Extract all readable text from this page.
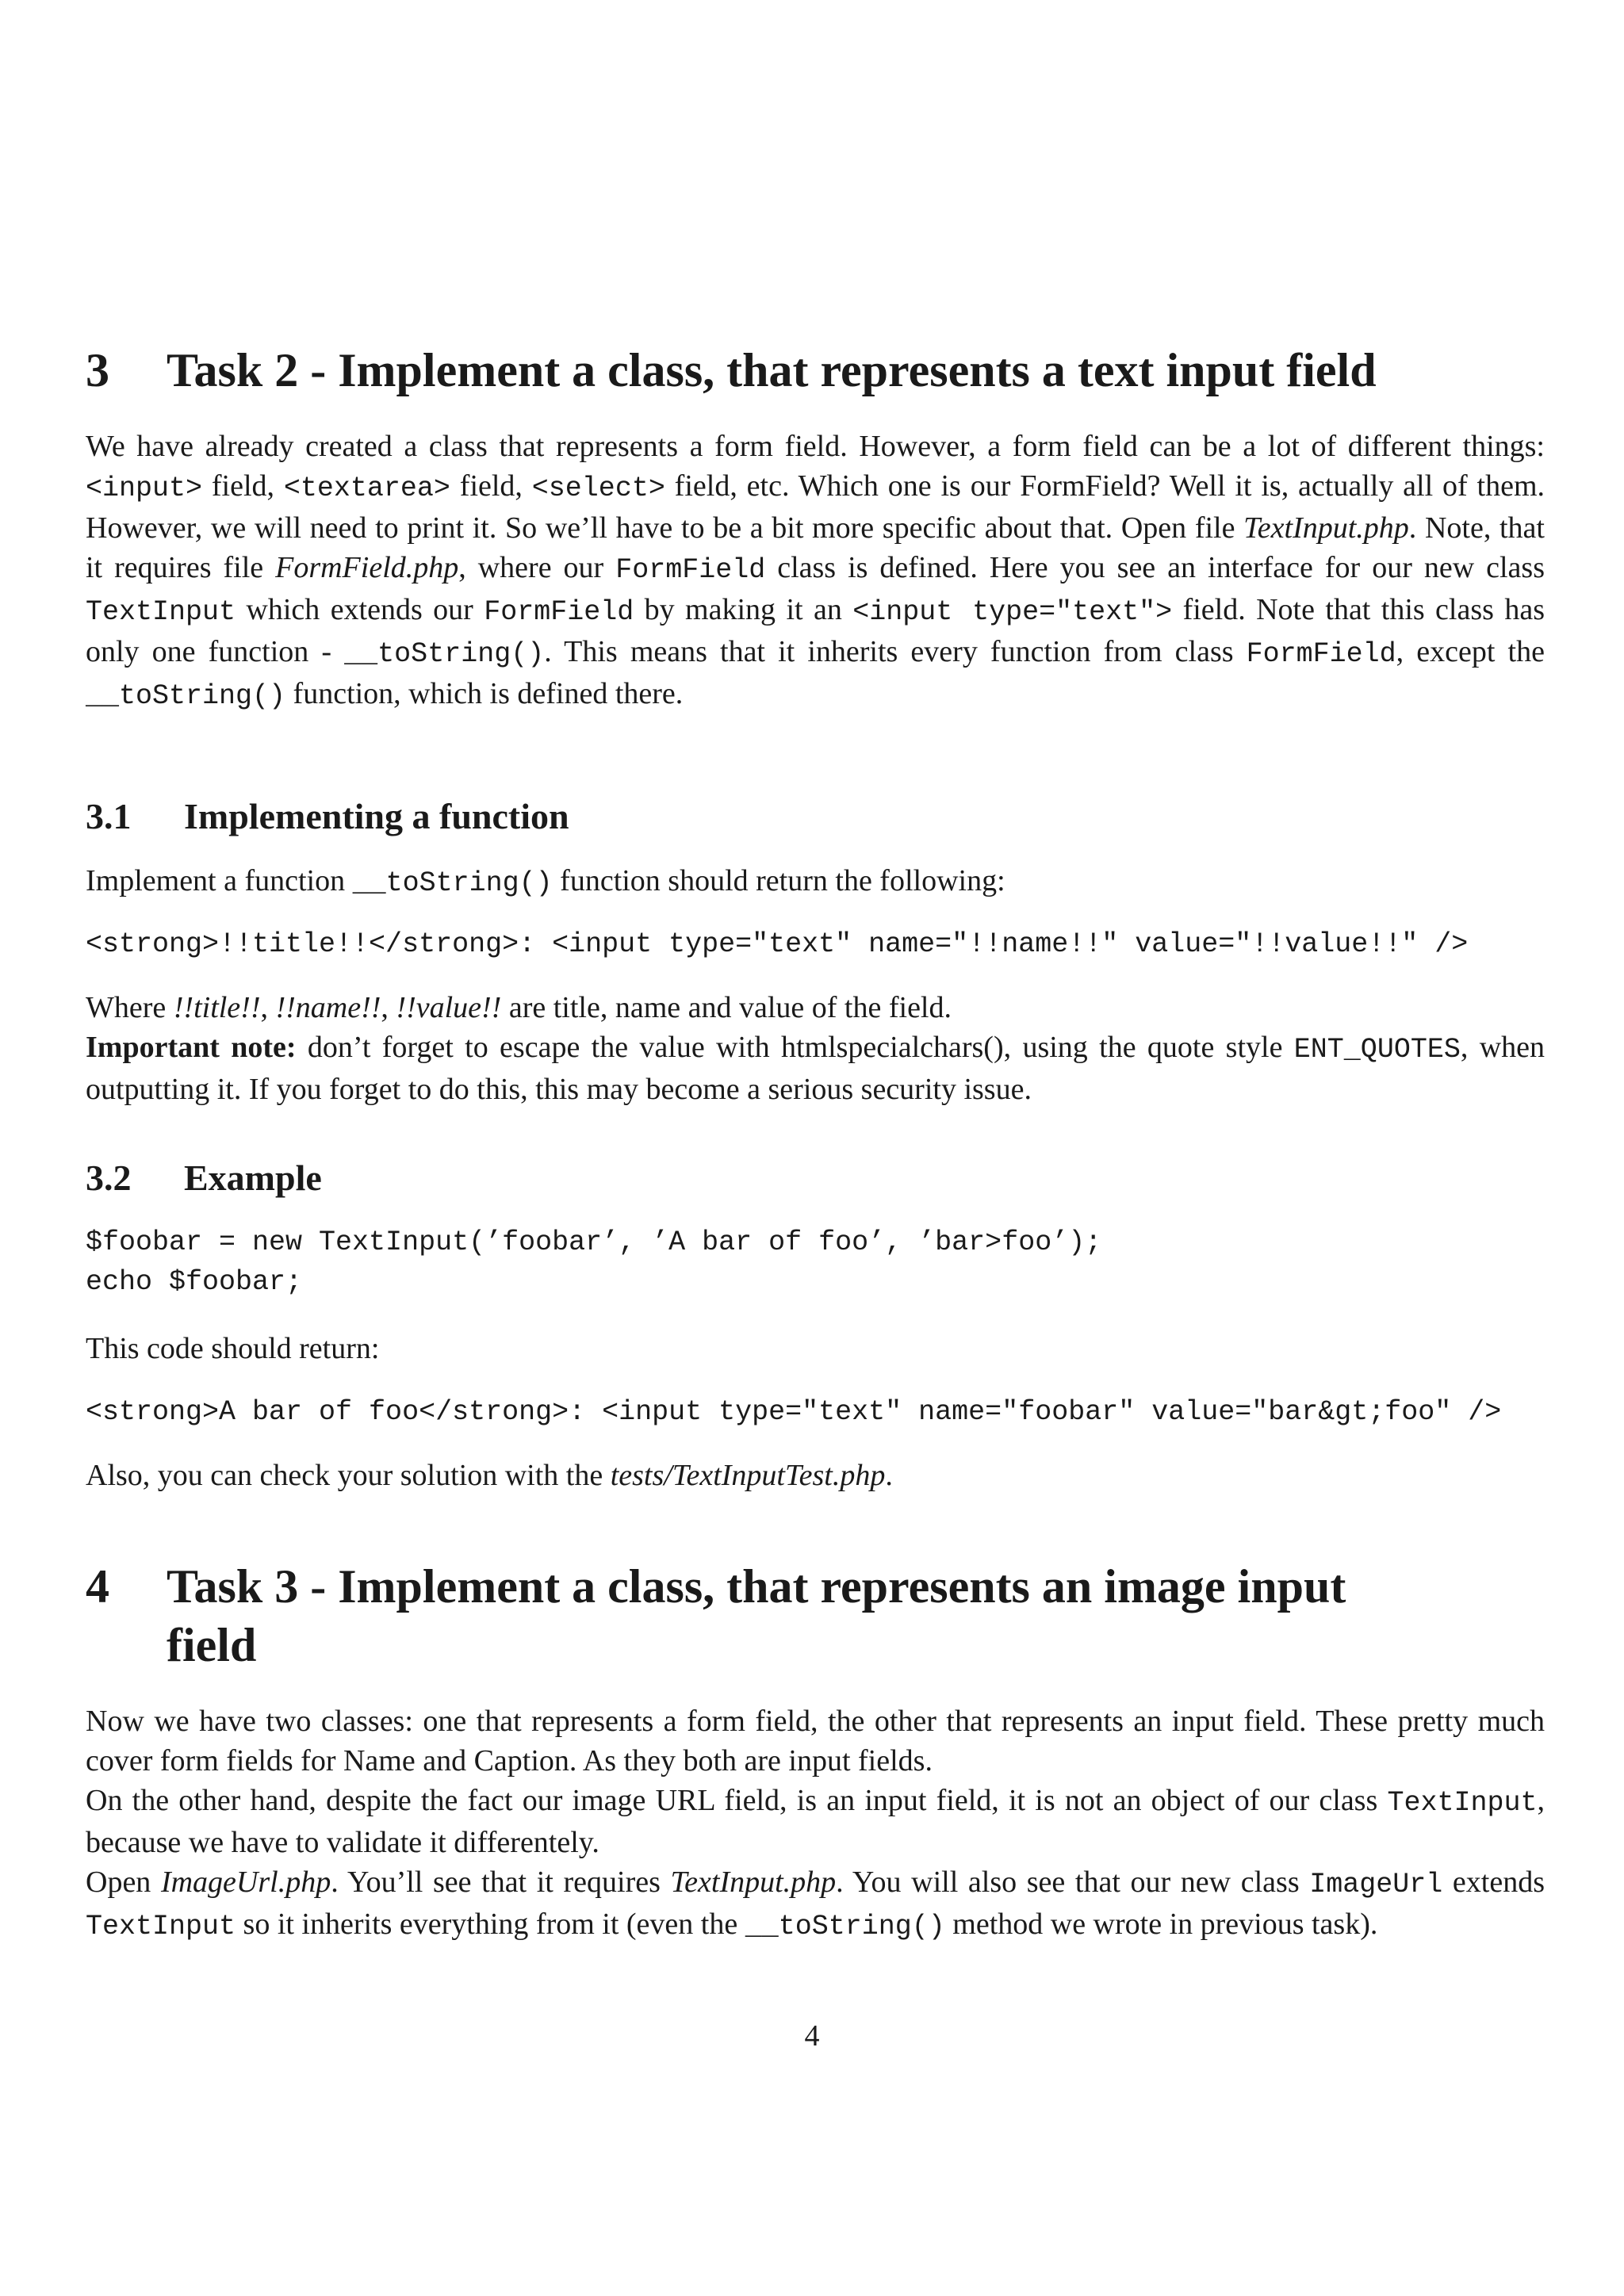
3 Task 2 - Implement a class, that represents a text input field

We have already created a class that represents a form field. However, a form field can be a lot of different things: <input> field, <textarea> field, <select> field, etc. Which one is our FormField? Well it is, actually all of them. However, we will need to print it. So we’ll have to be a bit more specific about that. Open file TextInput.php. Note, that it requires file FormField.php, where our FormField class is defined. Here you see an interface for our new class TextInput which extends our FormField by making it an <input type="text"> field. Note that this class has only one function - __toString(). This means that it inherits every function from class FormField, except the __toString() function, which is defined there.

3.1 Implementing a function

Implement a function __toString() function should return the following:

<strong>!!title!!</strong>: <input type="text" name="!!name!!" value="!!value!!" />

Where !!title!!, !!name!!, !!value!! are title, name and value of the field.
Important note: don’t forget to escape the value with htmlspecialchars(), using the quote style ENT_QUOTES, when outputting it. If you forget to do this, this may become a serious security issue.

3.2 Example

$foobar = new TextInput(’foobar’, ’A bar of foo’, ’bar>foo’);

echo $foobar;

This code should return:

<strong>A bar of foo</strong>: <input type="text" name="foobar" value="bar&gt;foo" />

Also, you can check your solution with the tests/TextInputTest.php.

4 Task 3 - Implement a class, that represents an image input
field

Now we have two classes: one that represents a form field, the other that represents an input field. These pretty much cover form fields for Name and Caption. As they both are input fields.
On the other hand, despite the fact our image URL field, is an input field, it is not an object of our class TextInput, because we have to validate it differentely.
Open ImageUrl.php. You’ll see that it requires TextInput.php. You will also see that our new class ImageUrl extends TextInput so it inherits everything from it (even the __toString() method we wrote in previous task).

4
